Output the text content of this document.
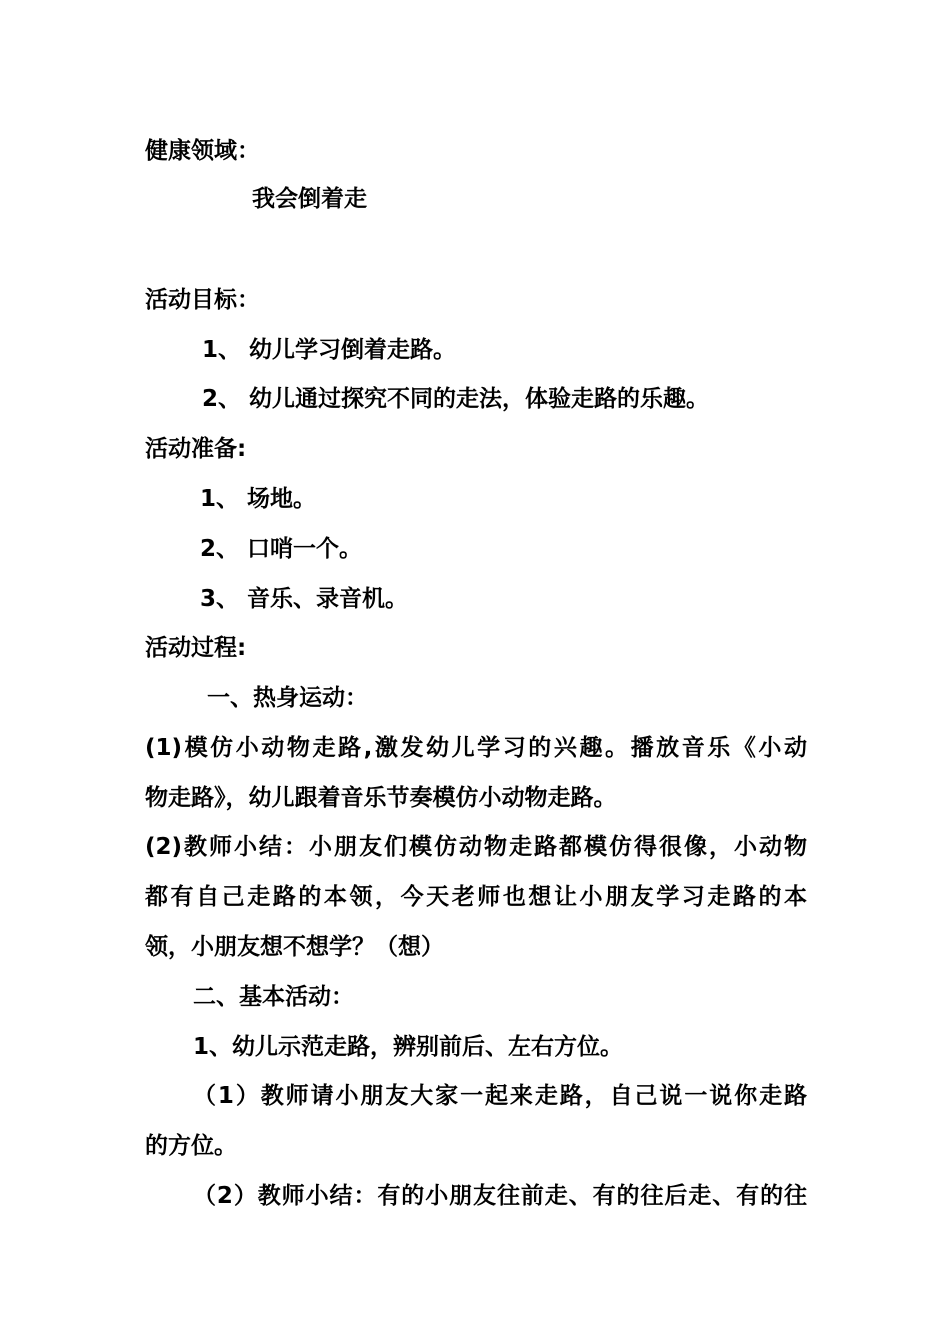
健康领域：
我会倒着走
活动目标：
1、 幼儿学习倒着走路。
2、 幼儿通过探究不同的走法，体验走路的乐趣。
活动准备:
1、 场地。
2、 口哨一个。
3、 音乐、录音机。
活动过程:
一、热身运动：
(1)模仿小动物走路,激发幼儿学习的兴趣。播放音乐《小动
物走路》，幼儿跟着音乐节奏模仿小动物走路。
(2)教师小结：小朋友们模仿动物走路都模仿得很像，小动物
都有自己走路的本领，今天老师也想让小朋友学习走路的本
领，小朋友想不想学？（想）
二、基本活动：
1、幼儿示范走路，辨别前后、左右方位。
（1）教师请小朋友大家一起来走路，自己说一说你走路
的方位。
（2）教师小结：有的小朋友往前走、有的往后走、有的往
